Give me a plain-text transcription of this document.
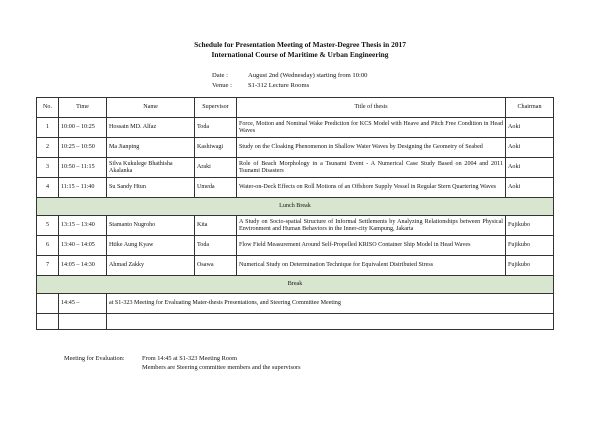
Schedule for Presentation Meeting of Master-Degree Thesis in 2017
International Course of Maritime & Urban Engineering
Date :	August 2nd (Wednesday) starting from 10:00
Venue :	S1-312 Lecture Rooms
No.	Time	Name	Supervisor	Title of thesis	Chairman
1	10:00 – 10:25	Hossain MD. Alfaz	Toda	Force, Motion and Nominal Wake Prediction for KCS Model with Heave and Pitch Free Condition in Head Waves	Aoki
2	10:25 – 10:50	Ma Jianping	Kashiwagi	Study on the Cloaking Phenomenon in Shallow Water Waves by Designing the Geometry of Seabed	Aoki
3	10:50 – 11:15	Silva Kukulege Bhathisha Akalanka	Araki	Role of Beach Morphology in a Tsunami Event - A Numerical Case Study Based on 2004 and 2011 Tsunami Disasters	Aoki
4	11:15 – 11:40	Su Sandy Htun	Umeda	Water-on-Deck Effects on Roll Motions of an Offshore Supply Vessel in Regular Stern Quartering Waves	Aoki
Lunch Break					
5	13:15 – 13:40	Stamanto Nugroho	Kita	A Study on Socio-spatial Structure of Informal Settlements by Analyzing Relationships between Physical Environment and Human Behaviors in the Inner-city Kampung, Jakarta	Fujikubo
6	13:40 – 14:05	Htike Aung Kyaw	Toda	Flow Field Measurement Around Self-Propelled KRISO Container Ship Model in Head Waves	Fujikubo
7	14:05 – 14:30	Ahmad Zakky	Osawa	Numerical Study on Determination Technique for Equivalent Distributed Stress	Fujikubo
Break					
	14:45 –	at S1-323 Meeting for Evaluating Mater-thesis Presentations, and Steering Committee Meeting			

Meeting for Evaluation:	From 14:45 at S1-323 Meeting Room
Members are Steering committee members and the supervisors
